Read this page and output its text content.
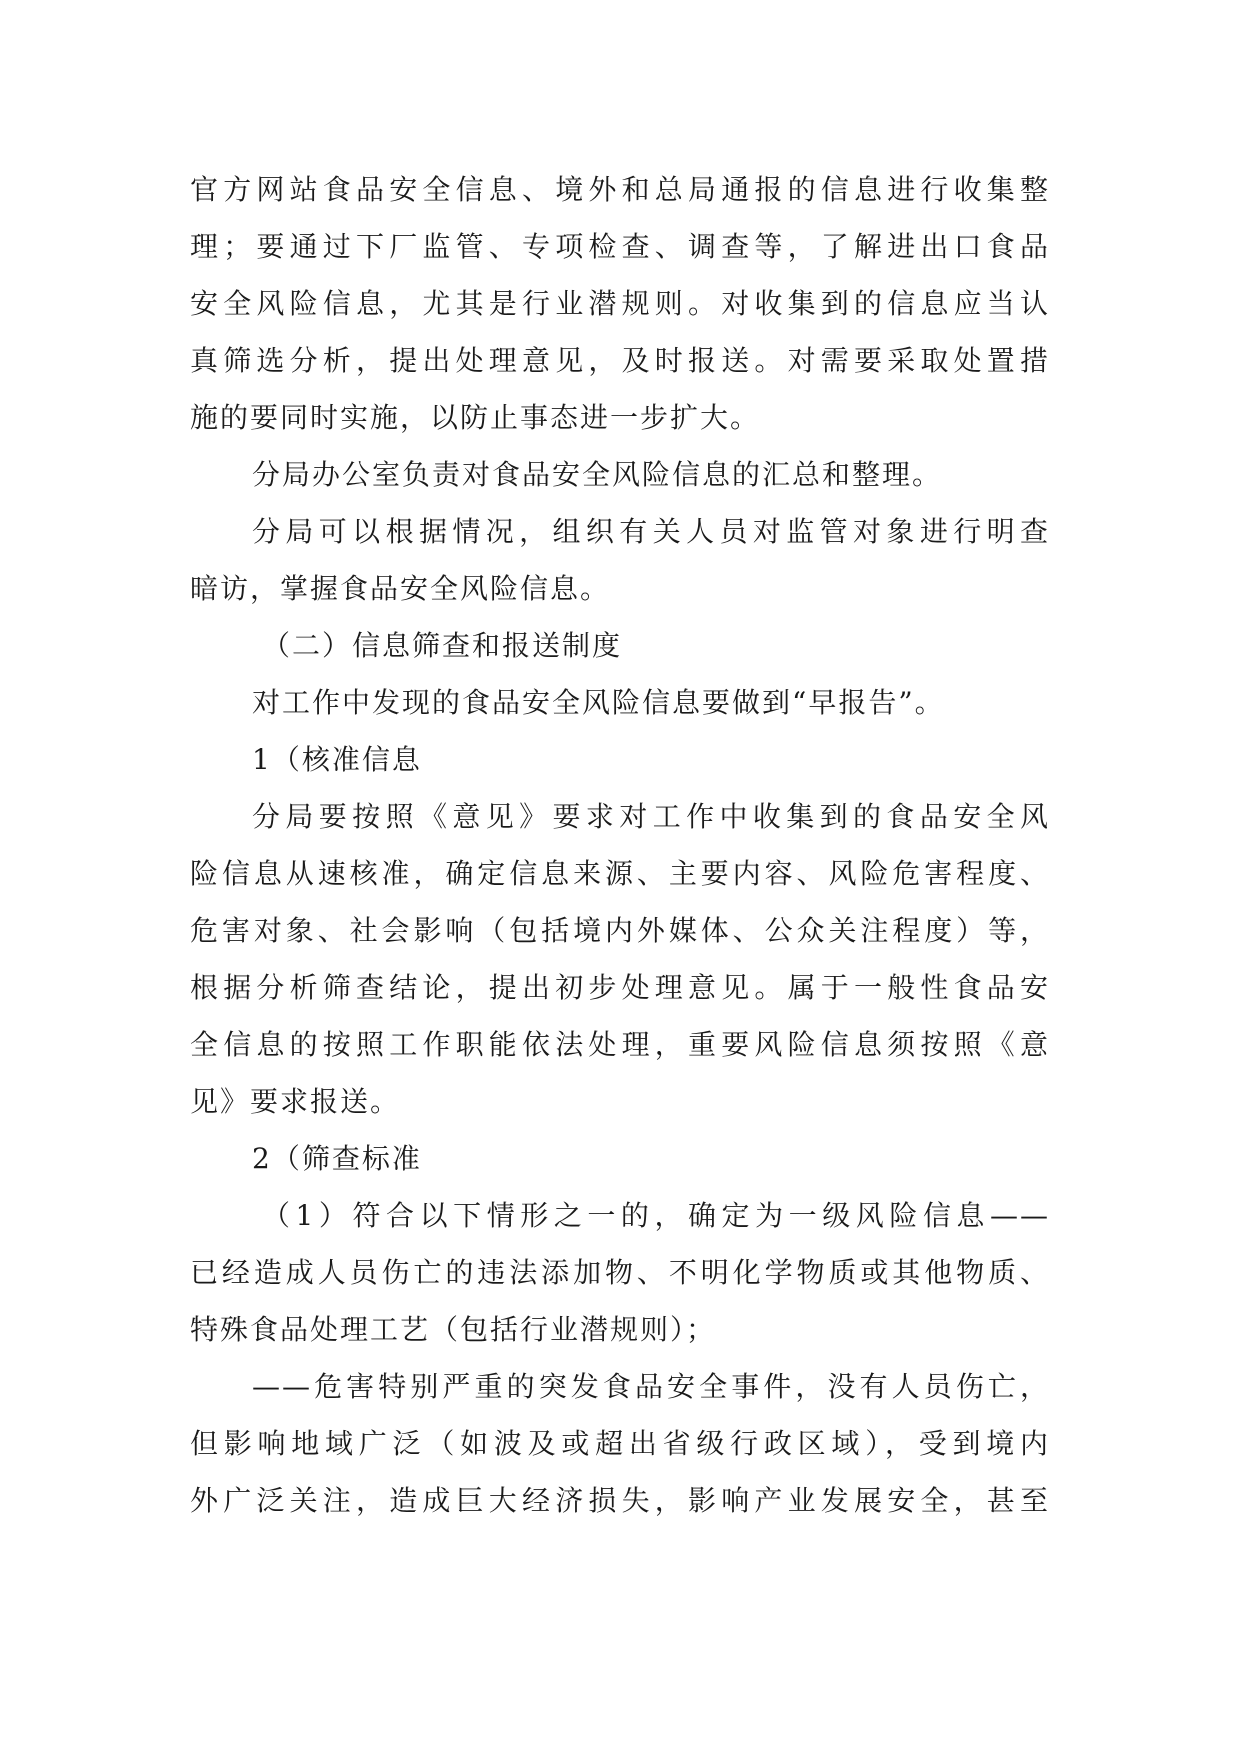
官方网站食品安全信息、境外和总局通报的信息进行收集整
理；要通过下厂监管、专项检查、调查等，了解进出口食品
安全风险信息，尤其是行业潜规则。对收集到的信息应当认
真筛选分析，提出处理意见，及时报送。对需要采取处置措
施的要同时实施，以防止事态进一步扩大。
分局办公室负责对食品安全风险信息的汇总和整理。
分局可以根据情况，组织有关人员对监管对象进行明查
暗访，掌握食品安全风险信息。
（二）信息筛查和报送制度
对工作中发现的食品安全风险信息要做到“早报告”。
1（核准信息
分局要按照《意见》要求对工作中收集到的食品安全风
险信息从速核准，确定信息来源、主要内容、风险危害程度、
危害对象、社会影响（包括境内外媒体、公众关注程度）等，
根据分析筛查结论，提出初步处理意见。属于一般性食品安
全信息的按照工作职能依法处理，重要风险信息须按照《意
见》要求报送。
2（筛查标准
（1）符合以下情形之一的，确定为一级风险信息——
已经造成人员伤亡的违法添加物、不明化学物质或其他物质、
特殊食品处理工艺（包括行业潜规则）；
——危害特别严重的突发食品安全事件，没有人员伤亡，
但影响地域广泛（如波及或超出省级行政区域），受到境内
外广泛关注，造成巨大经济损失，影响产业发展安全，甚至
